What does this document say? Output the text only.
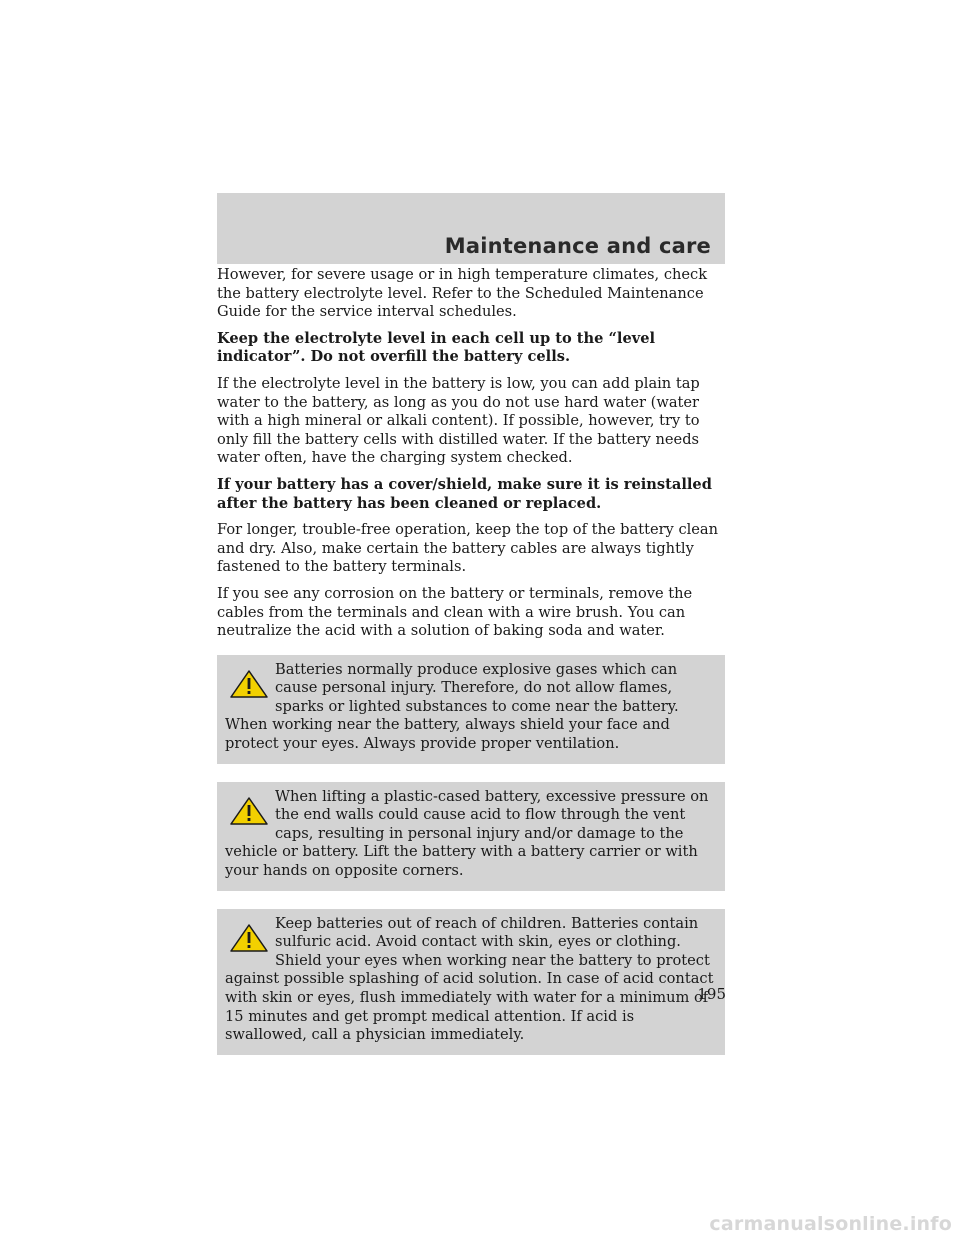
Maintenance and care

However, for severe usage or in high temperature climates, check the battery electrolyte level. Refer to the Scheduled Maintenance Guide for the service interval schedules.

Keep the electrolyte level in each cell up to the “level indicator”. Do not overfill the battery cells.

If the electrolyte level in the battery is low, you can add plain tap water to the battery, as long as you do not use hard water (water with a high mineral or alkali content). If possible, however, try to only fill the battery cells with distilled water. If the battery needs water often, have the charging system checked.

If your battery has a cover/shield, make sure it is reinstalled after the battery has been cleaned or replaced.

For longer, trouble-free operation, keep the top of the battery clean and dry. Also, make certain the battery cables are always tightly fastened to the battery terminals.

If you see any corrosion on the battery or terminals, remove the cables from the terminals and clean with a wire brush. You can neutralize the acid with a solution of baking soda and water.

Batteries normally produce explosive gases which can cause personal injury. Therefore, do not allow flames, sparks or lighted substances to come near the battery. When working near the battery, always shield your face and protect your eyes. Always provide proper ventilation.
When lifting a plastic-cased battery, excessive pressure on the end walls could cause acid to flow through the vent caps, resulting in personal injury and/or damage to the vehicle or battery. Lift the battery with a battery carrier or with your hands on opposite corners.
Keep batteries out of reach of children. Batteries contain sulfuric acid. Avoid contact with skin, eyes or clothing. Shield your eyes when working near the battery to protect against possible splashing of acid solution. In case of acid contact with skin or eyes, flush immediately with water for a minimum of 15 minutes and get prompt medical attention. If acid is swallowed, call a physician immediately.
195
carmanualsonline.info
